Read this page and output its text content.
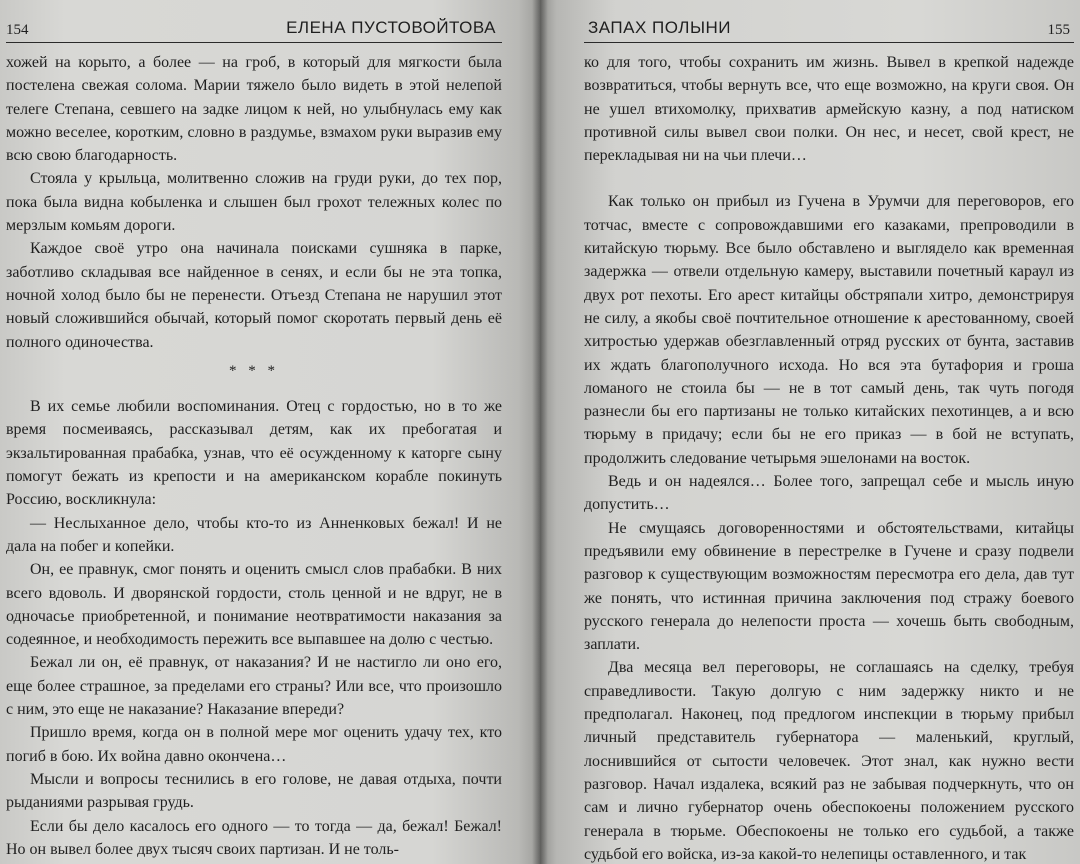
154	ЕЛЕНА ПУСТОВОЙТОВА

хожей на корыто, а более — на гроб, в который для мягкости была постелена свежая солома. Марии тяжело было видеть в этой нелепой телеге Степана, севшего на задке лицом к ней, но улыбнулась ему как можно веселее, коротким, словно в раздумье, взмахом руки выразив ему всю свою благодарность.

Стояла у крыльца, молитвенно сложив на груди руки, до тех пор, пока была видна кобыленка и слышен был грохот тележных колес по мерзлым комьям дороги.

Каждое своё утро она начинала поисками сушняка в парке, заботливо складывая все найденное в сенях, и если бы не эта топка, ночной холод было бы не перенести. Отъезд Степана не нарушил этот новый сложившийся обычай, который помог скоротать первый день её полного одиночества.

* * *

В их семье любили воспоминания. Отец с гордостью, но в то же время посмеиваясь, рассказывал детям, как их пребогатая и экзальтированная прабабка, узнав, что её осужденному к каторге сыну помогут бежать из крепости и на американском корабле покинуть Россию, воскликнула:

— Неслыханное дело, чтобы кто-то из Анненковых бежал! И не дала на побег и копейки.

Он, ее правнук, смог понять и оценить смысл слов прабабки. В них всего вдоволь. И дворянской гордости, столь ценной и не вдруг, не в одночасье приобретенной, и понимание неотвратимости наказания за содеянное, и необходимость пережить все выпавшее на долю с честью.

Бежал ли он, её правнук, от наказания? И не настигло ли оно его, еще более страшное, за пределами его страны? Или все, что произошло с ним, это еще не наказание? Наказание впереди?

Пришло время, когда он в полной мере мог оценить удачу тех, кто погиб в бою. Их война давно окончена…

Мысли и вопросы теснились в его голове, не давая отдыха, почти рыданиями разрывая грудь.

Если бы дело касалось его одного — то тогда — да, бежал! Бежал! Но он вывел более двух тысяч своих партизан. И не толь-

ЗАПАХ ПОЛЫНИ	155

ко для того, чтобы сохранить им жизнь. Вывел в крепкой надежде возвратиться, чтобы вернуть все, что еще возможно, на круги своя. Он не ушел втихомолку, прихватив армейскую казну, а под натиском противной силы вывел свои полки. Он нес, и несет, свой крест, не перекладывая ни на чьи плечи…

Как только он прибыл из Гучена в Урумчи для переговоров, его тотчас, вместе с сопровождавшими его казаками, препроводили в китайскую тюрьму. Все было обставлено и выглядело как временная задержка — отвели отдельную камеру, выставили почетный караул из двух рот пехоты. Его арест китайцы обстряпали хитро, демонстрируя не силу, а якобы своё почтительное отношение к арестованному, своей хитростью удержав обезглавленный отряд русских от бунта, заставив их ждать благополучного исхода. Но вся эта бутафория и гроша ломаного не стоила бы — не в тот самый день, так чуть погодя разнесли бы его партизаны не только китайских пехотинцев, а и всю тюрьму в придачу; если бы не его приказ — в бой не вступать, продолжить следование четырьмя эшелонами на восток.

Ведь и он надеялся… Более того, запрещал себе и мысль иную допустить…

Не смущаясь договоренностями и обстоятельствами, китайцы предъявили ему обвинение в перестрелке в Гучене и сразу подвели разговор к существующим возможностям пересмотра его дела, дав тут же понять, что истинная причина заключения под стражу боевого русского генерала до нелепости проста — хочешь быть свободным, заплати.

Два месяца вел переговоры, не соглашаясь на сделку, требуя справедливости. Такую долгую с ним задержку никто и не предполагал. Наконец, под предлогом инспекции в тюрьму прибыл личный представитель губернатора — маленький, круглый, лоснившийся от сытости человечек. Этот знал, как нужно вести разговор. Начал издалека, всякий раз не забывая подчеркнуть, что он сам и лично губернатор очень обеспокоены положением русского генерала в тюрьме. Обеспокоены не только его судьбой, а также судьбой его войска, из-за какой-то нелепицы оставленного, и так
